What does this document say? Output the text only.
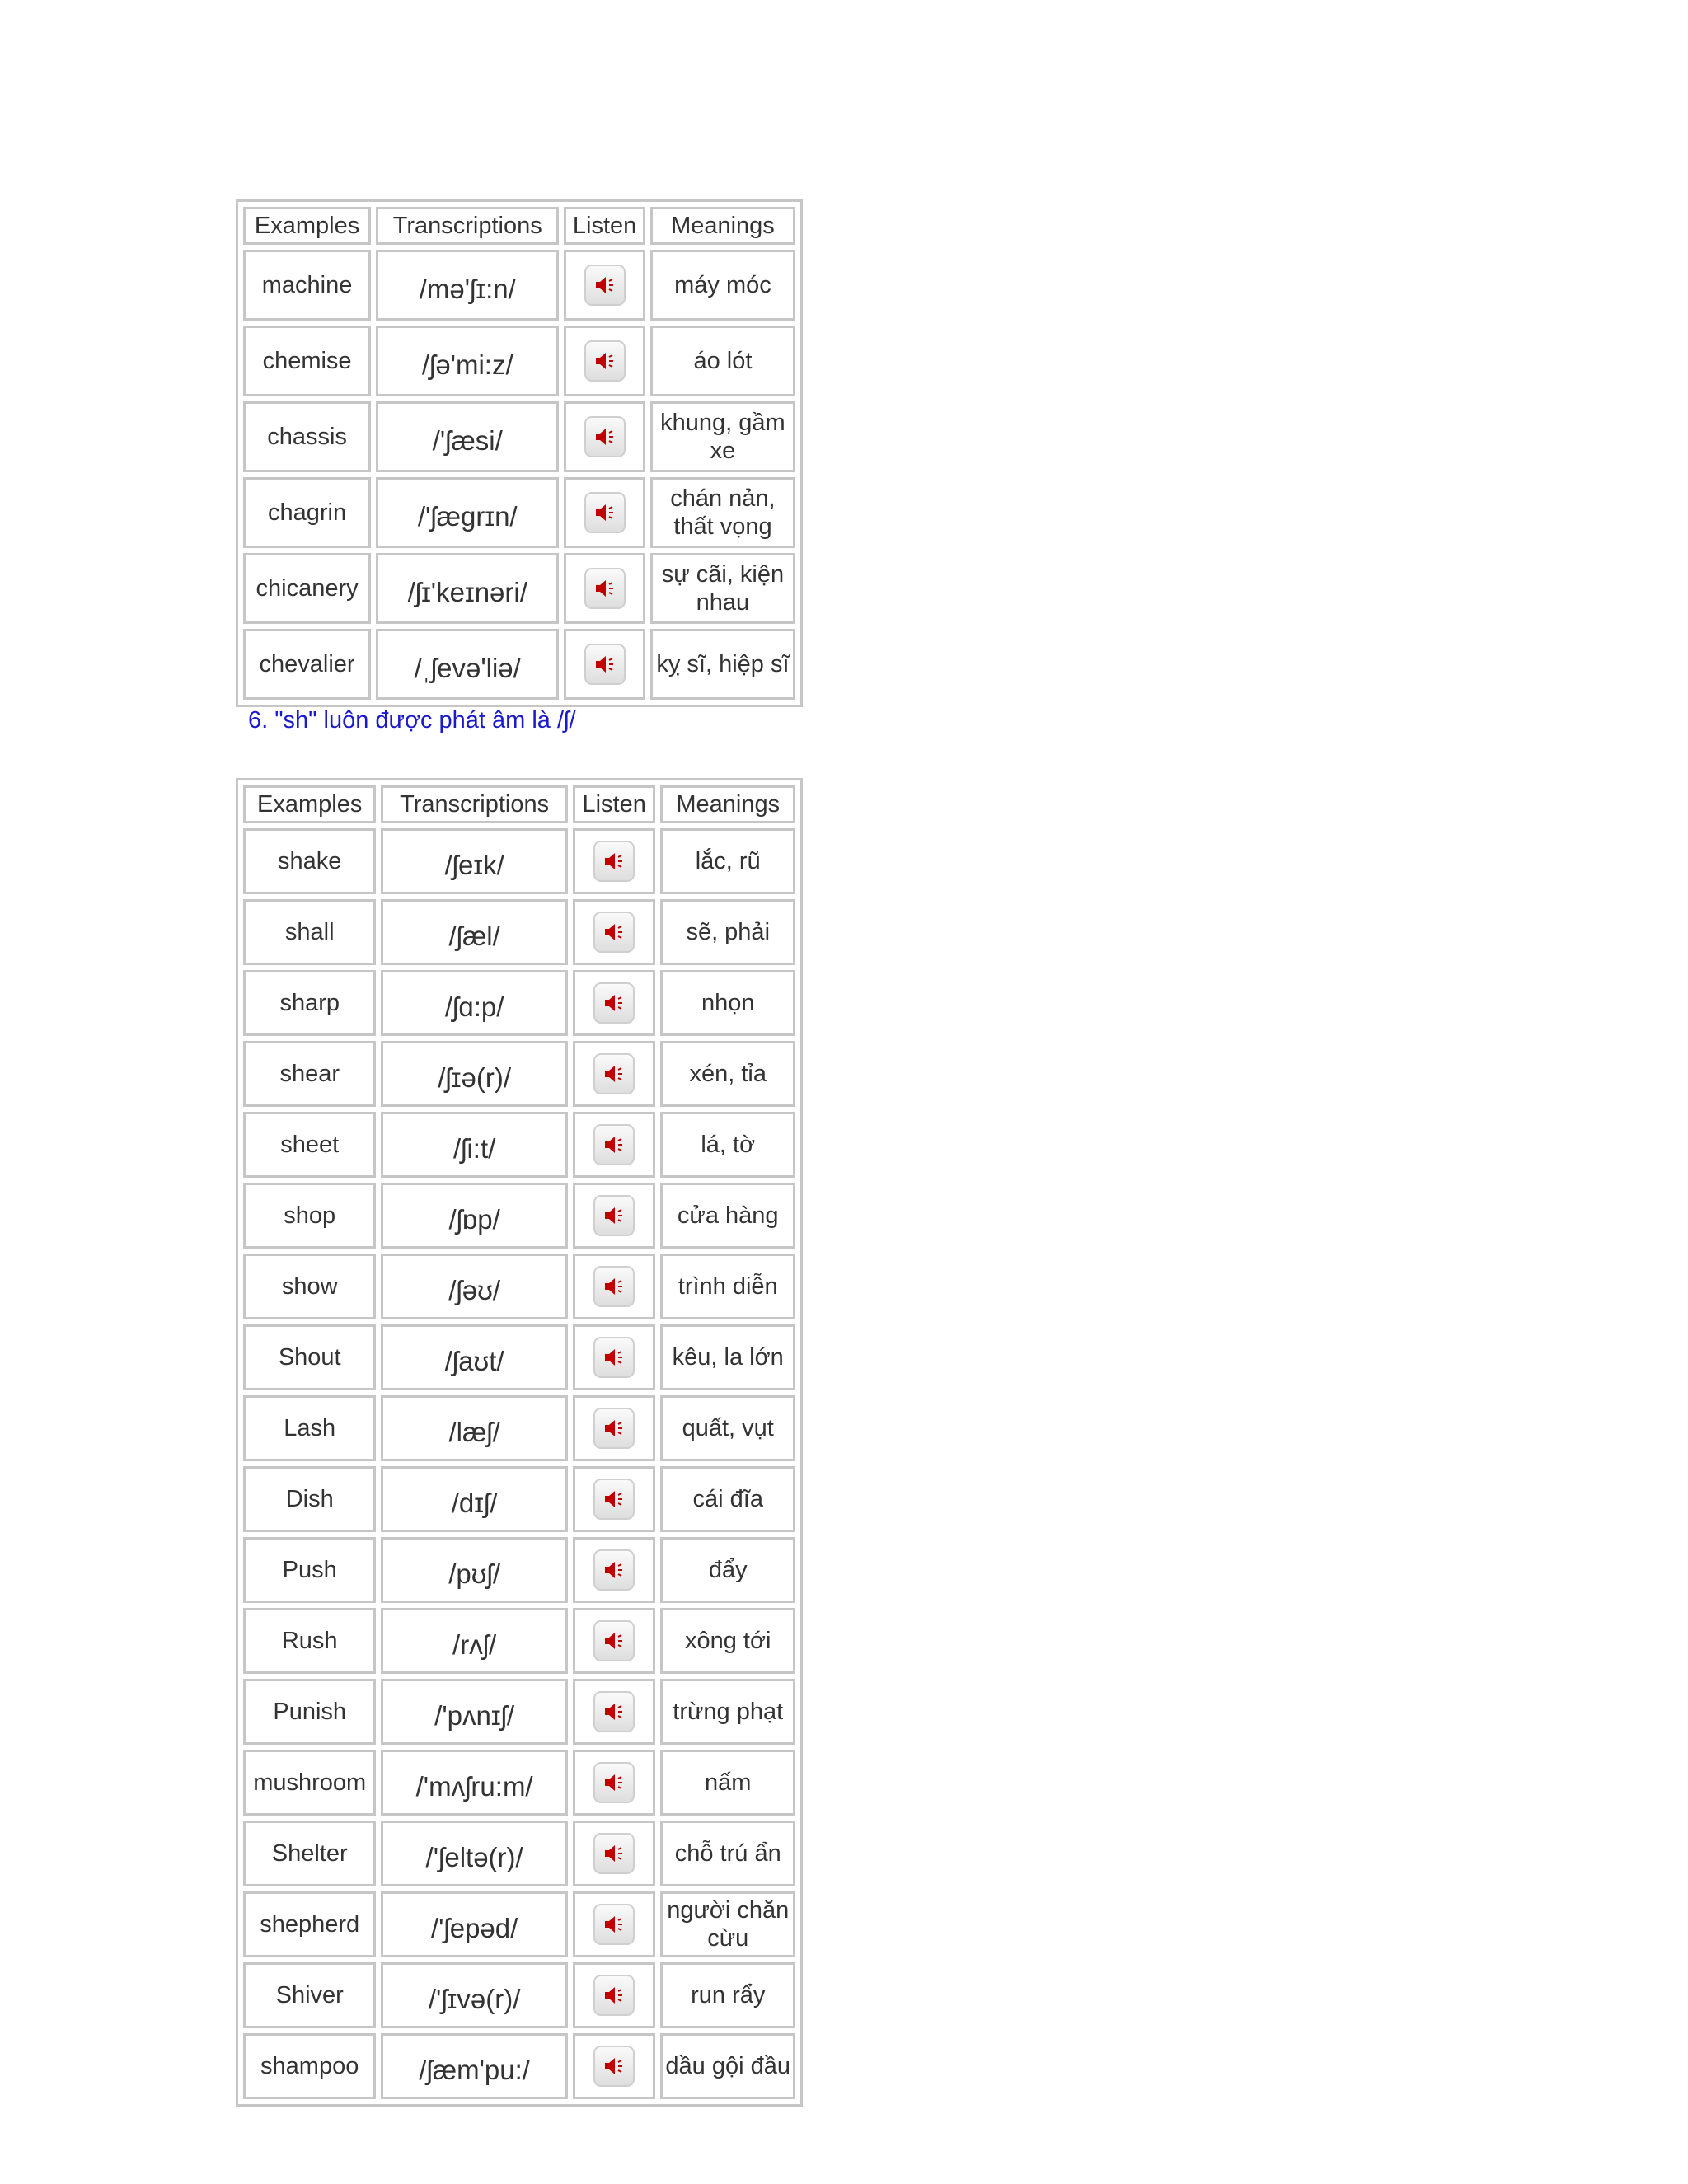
Examples	Transcriptions	Listen	Meanings
machine	/mə'ʃɪ:n/		máy móc
chemise	/ʃə'mi:z/		áo lót
chassis	/'ʃæsi/		khung, gầm xe
chagrin	/'ʃægrɪn/		chán nản, thất vọng
chicanery	/ʃɪ'keɪnəri/		sự cãi, kiện nhau
chevalier	/ˌʃevə'liə/		kỵ sĩ, hiệp sĩ
6. "sh" luôn được phát âm là /ʃ/
Examples	Transcriptions	Listen	Meanings
shake	/ʃeɪk/		lắc, rũ
shall	/ʃæl/		sẽ, phải
sharp	/ʃɑ:p/		nhọn
shear	/ʃɪə(r)/		xén, tỉa
sheet	/ʃi:t/		lá, tờ
shop	/ʃɒp/		cửa hàng
show	/ʃəʊ/		trình diễn
Shout	/ʃaʊt/		kêu, la lớn
Lash	/læʃ/		quất, vụt
Dish	/dɪʃ/		cái đĩa
Push	/pʊʃ/		đẩy
Rush	/rʌʃ/		xông tới
Punish	/'pʌnɪʃ/		trừng phạt
mushroom	/'mʌʃru:m/		nấm
Shelter	/'ʃeltə(r)/		chỗ trú ẩn
shepherd	/'ʃepəd/		người chăn cừu
Shiver	/'ʃɪvə(r)/		run rẩy
shampoo	/ʃæm'pu:/		dầu gội đầu
